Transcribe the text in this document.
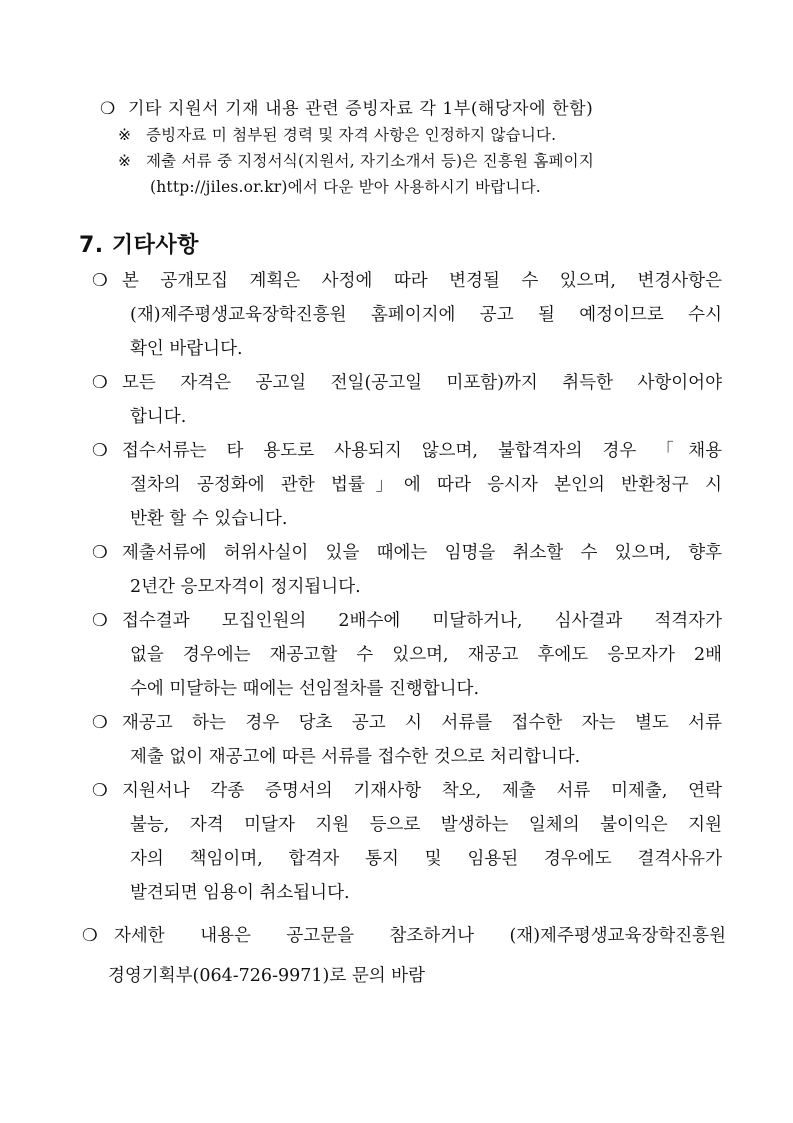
❍ 기타 지원서 기재 내용 관련 증빙자료 각 1부(해당자에 한함)
※ 증빙자료 미 첨부된 경력 및 자격 사항은 인정하지 않습니다.
※ 제출 서류 중 지정서식(지원서, 자기소개서 등)은 진흥원 홈페이지
(http://jiles.or.kr)에서 다운 받아 사용하시기 바랍니다.
7. 기타사항
❍ 본 공개모집 계획은 사정에 따라 변경될 수 있으며, 변경사항은
(재)제주평생교육장학진흥원 홈페이지에 공고 될 예정이므로 수시
확인 바랍니다.
❍ 모든 자격은 공고일 전일(공고일 미포함)까지 취득한 사항이어야
합니다.
❍ 접수서류는 타 용도로 사용되지 않으며, 불합격자의 경우 「채용
절차의 공정화에 관한 법률」에 따라 응시자 본인의 반환청구 시
반환 할 수 있습니다.
❍ 제출서류에 허위사실이 있을 때에는 임명을 취소할 수 있으며, 향후
2년간 응모자격이 정지됩니다.
❍ 접수결과 모집인원의 2배수에 미달하거나, 심사결과 적격자가
없을 경우에는 재공고할 수 있으며, 재공고 후에도 응모자가 2배
수에 미달하는 때에는 선임절차를 진행합니다.
❍ 재공고 하는 경우 당초 공고 시 서류를 접수한 자는 별도 서류
제출 없이 재공고에 따른 서류를 접수한 것으로 처리합니다.
❍ 지원서나 각종 증명서의 기재사항 착오, 제출 서류 미제출, 연락
불능, 자격 미달자 지원 등으로 발생하는 일체의 불이익은 지원
자의 책임이며, 합격자 통지 및 임용된 경우에도 결격사유가
발견되면 임용이 취소됩니다.
❍ 자세한 내용은 공고문을 참조하거나 (재)제주평생교육장학진흥원
경영기획부(064-726-9971)로 문의 바람
